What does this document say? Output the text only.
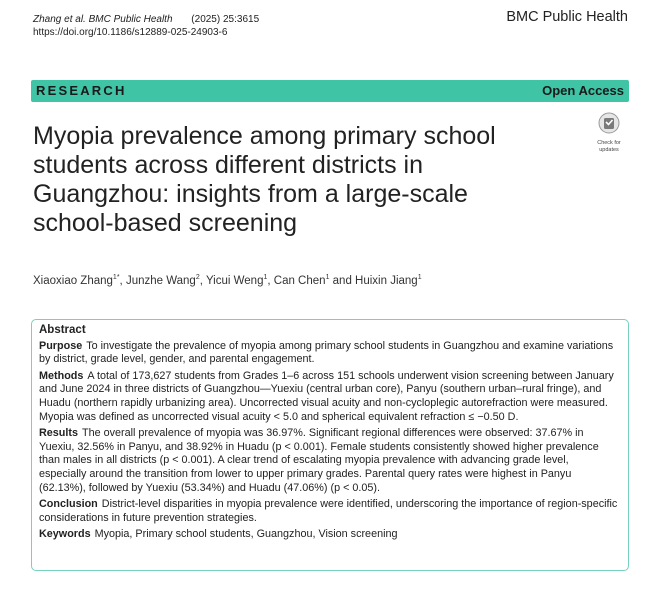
Zhang et al. BMC Public Health (2025) 25:3615
https://doi.org/10.1186/s12889-025-24903-6
BMC Public Health
RESEARCH	Open Access
Myopia prevalence among primary school students across different districts in Guangzhou: insights from a large-scale school-based screening
Check for
updates
Xiaoxiao Zhang$^{1*}$, Junzhe Wang$^2$, Yicui Weng$^1$, Can Chen$^1$ and Huixin Jiang$^1$
Abstract

Purpose To investigate the prevalence of myopia among primary school students in Guangzhou and examine variations by district, grade level, gender, and parental engagement.

Methods A total of 173,627 students from Grades 1–6 across 151 schools underwent vision screening between January and June 2024 in three districts of Guangzhou—Yuexiu (central urban core), Panyu (southern urban–rural fringe), and Huadu (northern rapidly urbanizing area). Uncorrected visual acuity and non-cycloplegic autorefraction were measured. Myopia was defined as uncorrected visual acuity < 5.0 and spherical equivalent refraction ≤ −0.50 D.

Results The overall prevalence of myopia was 36.97%. Significant regional differences were observed: 37.67% in Yuexiu, 32.56% in Panyu, and 38.92% in Huadu (p < 0.001). Female students consistently showed higher prevalence than males in all districts (p < 0.001). A clear trend of escalating myopia prevalence with advancing grade level, especially around the transition from lower to upper primary grades. Parental query rates were highest in Panyu (62.13%), followed by Yuexiu (53.34%) and Huadu (47.06%) (p < 0.05).

Conclusion District-level disparities in myopia prevalence were identified, underscoring the importance of region-specific considerations in future prevention strategies.

Keywords Myopia, Primary school students, Guangzhou, Vision screening
